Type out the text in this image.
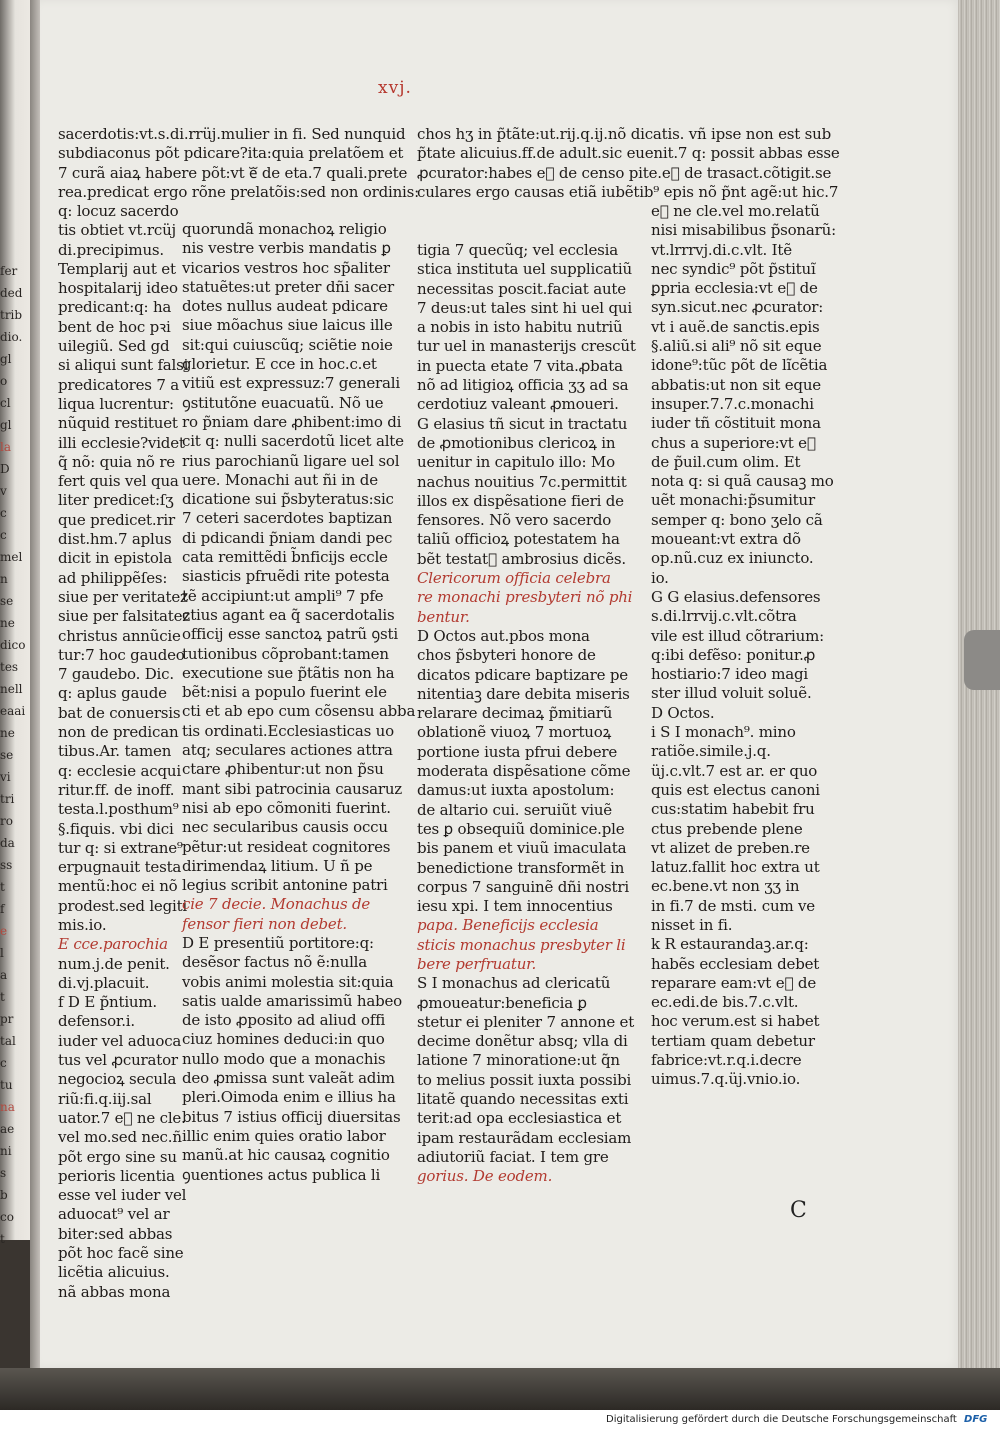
fer
ded
trib
dio.
gl
o
cl
gl
la
D
v
c
c
mel
n
se
ne
dico
tes
nell
eaai
ne
se
vi
tri
ro
da
ss
t
f
e
l
a
t
pr
tal
c
tu
na
ae
ni
s
b
co
t
xvj.
sacerdotis:vt.s.di.rrüj.mulier in fi. Sed nunquid
subdiaconus põt pdicare?ita:quia prelatõem et
7 curã aiaꝝ habere põt:vt eᷓ de eta.7 quali.prete
rea.predicat ergo rõne prelatõis:sed non ordinis:
q: locuz sacerdo
tis obtiet vt.rcüj
di.precipimus.
Templarij aut et
hospitalarij ideo
predicant:q: ha
bent de hoc pꝛi
uilegiũ. Sed gd
si aliqui sunt falsi
predicatores 7 a
liqua lucrentur:
nũquid restituet
illi ecclesie?videt
q̃ nõ: quia nõ re
fert quis vel qua
liter predicet:ſʒ
que predicet.rir
dist.hm.7 aplus
dicit in epistola
ad philippẽſes:
siue per veritatez
siue per falsitatez
christus annũcie
tur:7 hoc gaudeo
7 gaudebo. Dic.
q: aplus gaude
bat de conuersis
non de predican
tibus.Ar. tamen
q: ecclesie acqui
ritur.ff. de inoff.
testa.l.posthum⁹
§.fiquis. vbi dici
tur q: si extrane⁹
erpugnauit testa
mentũ:hoc ei nõ
prodest.sed legiti
mis.io.
E cce.parochia
num.j.de penit.
di.vj.placuit.
f D E p̃ntium.
defensor.i.
iuder vel aduoca
tus vel ꝓcurator
negocioꝝ secula
riũ:fi.q.iij.sal
uator.7 eᷓ ne cle.
vel mo.sed nec.ñ
põt ergo sine su
perioris licentia
esse vel iuder vel
aduocat⁹ vel ar
biter:sed abbas
põt hoc facẽ sine
licẽtia alicuius.
nã abbas mona
quorundã monachoꝝ religio
nis vestre verbis mandatis ꝑ
vicarios vestros hoc sp̃aliter
statuẽtes:ut preter dñi sacer
dotes nullus audeat pdicare
siue mõachus siue laicus ille
sit:qui cuiuscũq; sciẽtie noie
glorietur. E cce in hoc.c.et
vitiũ est expressuz:7 generali
ꝯstitutõne euacuatũ. Nõ ue
ro p̃niam dare ꝓhibent:imo di
cit q: nulli sacerdotũ licet alte
rius parochianũ ligare uel sol
uere. Monachi aut ñi in de
dicatione sui p̃sbyteratus:sic
7 ceteri sacerdotes baptizan
di pdicandi p̃niam dandi pec
cata remittẽdi b̃nficijs eccle
siasticis pfruẽdi rite potesta
tẽ accipiunt:ut ampli⁹ 7 pfe
ctius agant ea q̃ sacerdotalis
officij esse sanctoꝝ patrũ ꝯsti
tutionibus cõprobant:tamen
executione sue p̃tãtis non ha
bẽt:nisi a populo fuerint ele
cti et ab epo cum cõsensu abba
tis ordinati.Ecclesiasticas uo
atq; seculares actiones attra
ctare ꝓhibentur:ut non p̃su
mant sibi patrocinia causaruz
nisi ab epo cõmoniti fuerint.
nec secularibus causis occu
pẽtur:ut resideat cognitores
dirimendaꝝ litium. U ñ pe
legius scribit antonine patri
cie 7 decie. Monachus de
fensor fieri non debet.
D E presentiũ portitore:q:
desẽsor factus nõ ẽ:nulla
vobis animi molestia sit:quia
satis ualde amarissimũ habeo
de isto ꝓposito ad aliud offi
ciuz homines deduci:in quo
nullo modo que a monachis
deo ꝓmissa sunt valeãt adim
pleri.Oimoda enim e illius ha
bitus 7 istius officij diuersitas
illic enim quies oratio labor
manũ.at hic causaꝝ cognitio
ꝯuentiones actus publica li
chos hʒ in p̃tãte:ut.rij.q.ij.nõ dicatis. vñ ipse non est sub
p̃tate alicuius.ff.de adult.sic euenit.7 q: possit abbas esse
ꝓcurator:habes eᷓ de censo pite.eᷓ de trasact.cõtigit.se
culares ergo causas etiã iubẽtib⁹ epis nõ p̃nt agẽ:ut hic.7
tigia 7 quecũq; vel ecclesia
stica instituta uel supplicatiũ
necessitas poscit.faciat aute
7 deus:ut tales sint hi uel qui
a nobis in isto habitu nutriũ
tur uel in manasterijs crescũt
in puecta etate 7 vita.ꝓbata
nõ ad litigioꝝ officia ʒʒ ad sa
cerdotiuz valeant ꝓmoueri.
G elasius tñ sicut in tractatu
de ꝓmotionibus clericoꝝ in
uenitur in capitulo illo: Mo
nachus nouitius 7c.permittit
illos ex dispẽsatione fieri de
fensores. Nõ vero sacerdo
taliũ officioꝝ potestatem ha
bẽt testatᷓ ambrosius dicẽs.
Clericorum officia celebra
re monachi presbyteri nõ phi
bentur.
D Octos aut.pbos mona
chos p̃sbyteri honore de
dicatos pdicare baptizare pe
nitentiaꝫ dare debita miseris
relarare decimaꝝ p̃mitiarũ
oblationẽ viuoꝝ 7 mortuoꝝ
portione iusta pfrui debere
moderata dispẽsatione cõme
damus:ut iuxta apostolum:
de altario cui. seruiũt viuẽ
tes ꝑ obsequiũ dominice.ple
bis panem et viuũ imaculata
benedictione transformẽt in
corpus 7 sanguinẽ dñi nostri
iesu xpi. I tem innocentius
papa. Beneficijs ecclesia
sticis monachus presbyter li
bere perfruatur.
S I monachus ad clericatũ
ꝓmoueatur:beneficia ꝑ
stetur ei pleniter 7 annone et
decime donẽtur absq; vlla di
latione 7 minoratione:ut q̃n
to melius possit iuxta possibi
litatẽ quando necessitas exti
terit:ad opa ecclesiastica et
ipam restaurãdam ecclesiam
adiutoriũ faciat. I tem gre
gorius. De eodem.
eᷓ ne cle.vel mo.relatũ
nisi misabilibus p̃sonarũ:
vt.lrrrvj.di.c.vlt. Itẽ
nec syndic⁹ põt p̃stituĩ
ꝑpria ecclesia:vt eᷓ de
syn.sicut.nec ꝓcurator:
vt i auẽ.de sanctis.epis
§.aliũ.si ali⁹ nõ sit eque
idone⁹:tũc põt de lĩcẽtia
abbatis:ut non sit eque
insuper.7.7.c.monachi
iuder tñ cõstituit mona
chus a superiore:vt eᷓ
de p̃uil.cum olim. Et
nota q: si quã causaꝫ mo
uẽt monachi:p̃sumitur
semper q: bono ʒelo cã
moueant:vt extra dõ
op.nũ.cuz ex iniuncto.
io.
G G elasius.defensores
s.di.lrrvij.c.vlt.cõtra
vile est illud cõtrarium:
q:ibi defẽso: ponitur.ꝓ
hostiario:7 ideo magi
ster illud voluit soluẽ.
D Octos.
i S I monach⁹. mino
ratiõe.simile.j.q.
üj.c.vlt.7 est ar. er quo
quis est electus canoni
cus:statim habebit fru
ctus prebende plene
vt alizet de preben.re
latuz.fallit hoc extra ut
ec.bene.vt non ʒʒ in
in fi.7 de msti. cum ve
nisset in fi.
k R estaurandaꝫ.ar.q:
habẽs ecclesiam debet
reparare eam:vt eᷓ de
ec.edi.de bis.7.c.vlt.
hoc verum.est si habet
tertiam quam debetur
fabrice:vt.r.q.i.decre
uimus.7.q.üj.vnio.io.
C
Digitalisierung gefördert durch die Deutsche Forschungsgemeinschaft DFG
